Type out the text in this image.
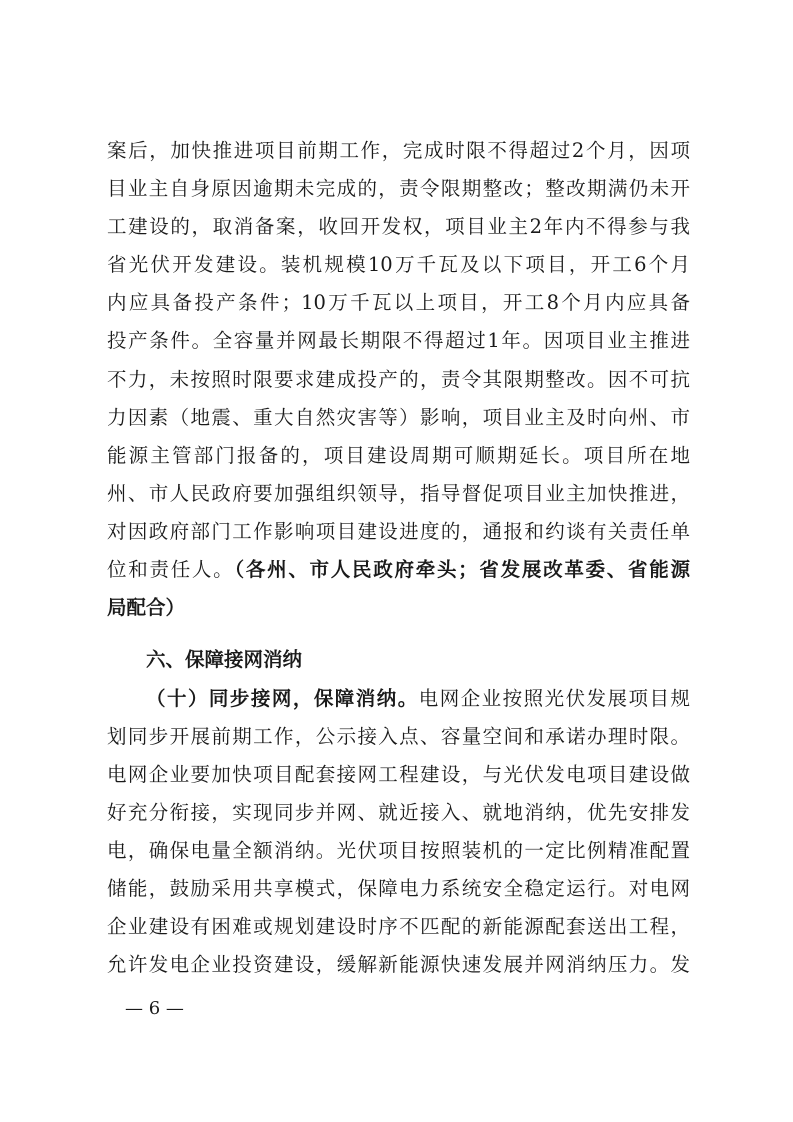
案后，加快推进项目前期工作，完成时限不得超过2个月，因项
目业主自身原因逾期未完成的，责令限期整改；整改期满仍未开
工建设的，取消备案，收回开发权，项目业主2年内不得参与我
省光伏开发建设。装机规模10万千瓦及以下项目，开工6个月
内应具备投产条件；10万千瓦以上项目，开工8个月内应具备
投产条件。全容量并网最长期限不得超过1年。因项目业主推进
不力，未按照时限要求建成投产的，责令其限期整改。因不可抗
力因素（地震、重大自然灾害等）影响，项目业主及时向州、市
能源主管部门报备的，项目建设周期可顺期延长。项目所在地
州、市人民政府要加强组织领导，指导督促项目业主加快推进，
对因政府部门工作影响项目建设进度的，通报和约谈有关责任单
位和责任人。（各州、市人民政府牵头；省发展改革委、省能源
局配合）
六、保障接网消纳
（十）同步接网，保障消纳。电网企业按照光伏发展项目规
划同步开展前期工作，公示接入点、容量空间和承诺办理时限。
电网企业要加快项目配套接网工程建设，与光伏发电项目建设做
好充分衔接，实现同步并网、就近接入、就地消纳，优先安排发
电，确保电量全额消纳。光伏项目按照装机的一定比例精准配置
储能，鼓励采用共享模式，保障电力系统安全稳定运行。对电网
企业建设有困难或规划建设时序不匹配的新能源配套送出工程，
允许发电企业投资建设，缓解新能源快速发展并网消纳压力。发
— 6 —
